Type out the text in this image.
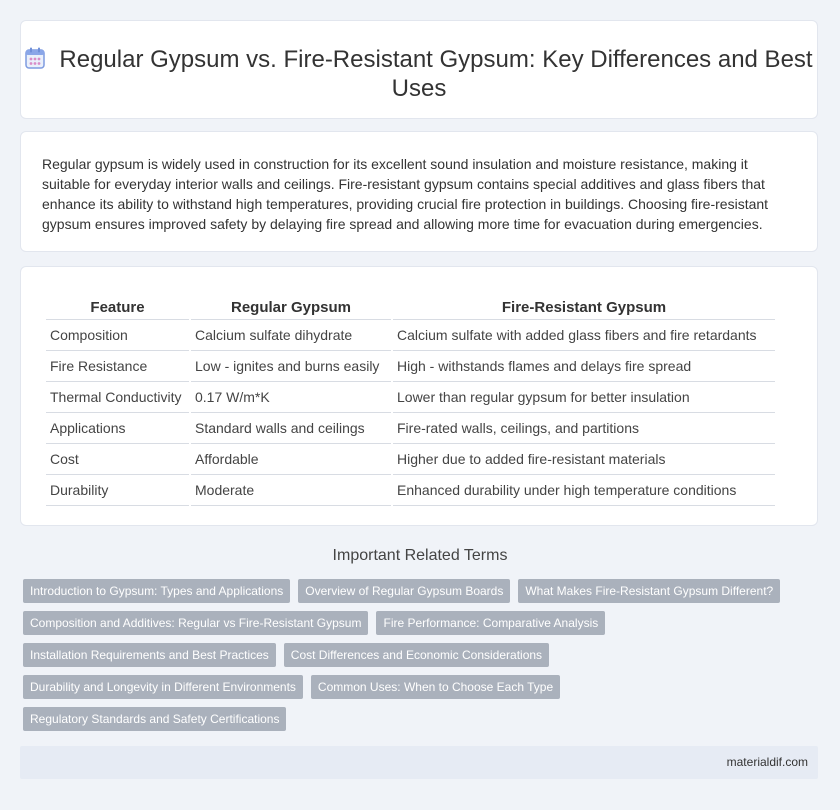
Regular Gypsum vs. Fire-Resistant Gypsum: Key Differences and Best Uses

Regular gypsum is widely used in construction for its excellent sound insulation and moisture resistance, making it suitable for everyday interior walls and ceilings. Fire-resistant gypsum contains special additives and glass fibers that enhance its ability to withstand high temperatures, providing crucial fire protection in buildings. Choosing fire-resistant gypsum ensures improved safety by delaying fire spread and allowing more time for evacuation during emergencies.

Feature	Regular Gypsum	Fire-Resistant Gypsum
Composition	Calcium sulfate dihydrate	Calcium sulfate with added glass fibers and fire retardants
Fire Resistance	Low - ignites and burns easily	High - withstands flames and delays fire spread
Thermal Conductivity	0.17 W/m*K	Lower than regular gypsum for better insulation
Applications	Standard walls and ceilings	Fire-rated walls, ceilings, and partitions
Cost	Affordable	Higher due to added fire-resistant materials
Durability	Moderate	Enhanced durability under high temperature conditions
Important Related Terms
Introduction to Gypsum: Types and Applications	Overview of Regular Gypsum Boards	What Makes Fire-Resistant Gypsum Different?
Composition and Additives: Regular vs Fire-Resistant Gypsum	Fire Performance: Comparative Analysis
Installation Requirements and Best Practices	Cost Differences and Economic Considerations
Durability and Longevity in Different Environments	Common Uses: When to Choose Each Type
Regulatory Standards and Safety Certifications
materialdif.com
